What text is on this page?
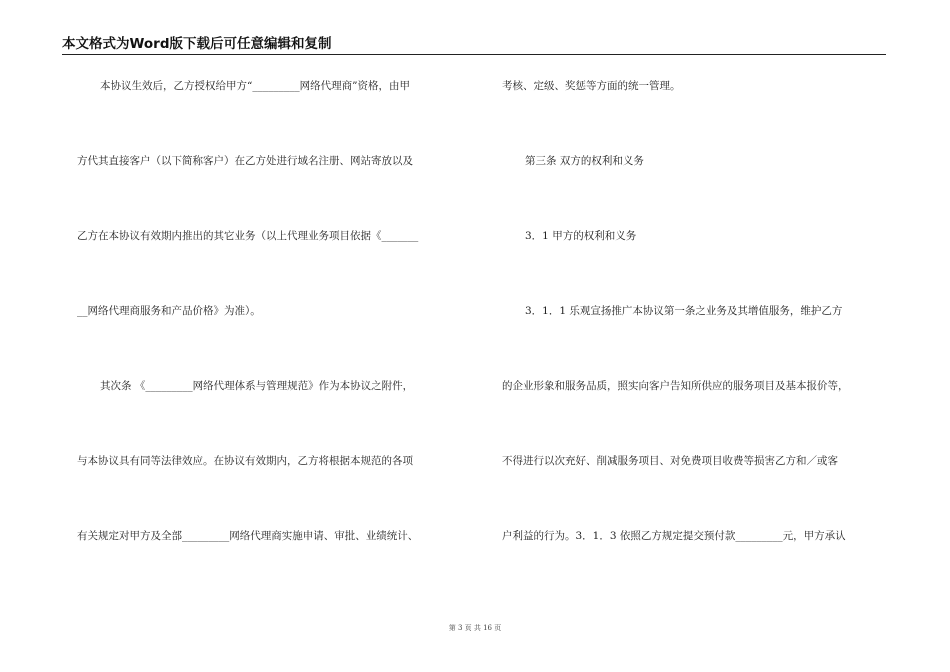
本文格式为Word版下载后可任意编辑和复制
本协议生效后，乙方授权给甲方“_________网络代理商”资格，由甲
方代其直接客户（以下简称客户）在乙方处进行域名注册、网站寄放以及
乙方在本协议有效期内推出的其它业务（以上代理业务项目依据《_______
__网络代理商服务和产品价格》为准）。
其次条 《_________网络代理体系与管理规范》作为本协议之附件，
与本协议具有同等法律效应。在协议有效期内，乙方将根据本规范的各项
有关规定对甲方及全部_________网络代理商实施申请、审批、业绩统计、
考核、定级、奖惩等方面的统一管理。
第三条 双方的权利和义务
3．1 甲方的权利和义务
3．1．1 乐观宣扬推广本协议第一条之业务及其增值服务，维护乙方
的企业形象和服务品质，照实向客户告知所供应的服务项目及基本报价等，
不得进行以次充好、削减服务项目、对免费项目收费等损害乙方和／或客
户利益的行为。3．1．3 依照乙方规定提交预付款_________元，甲方承认
第 3 页 共 16 页
